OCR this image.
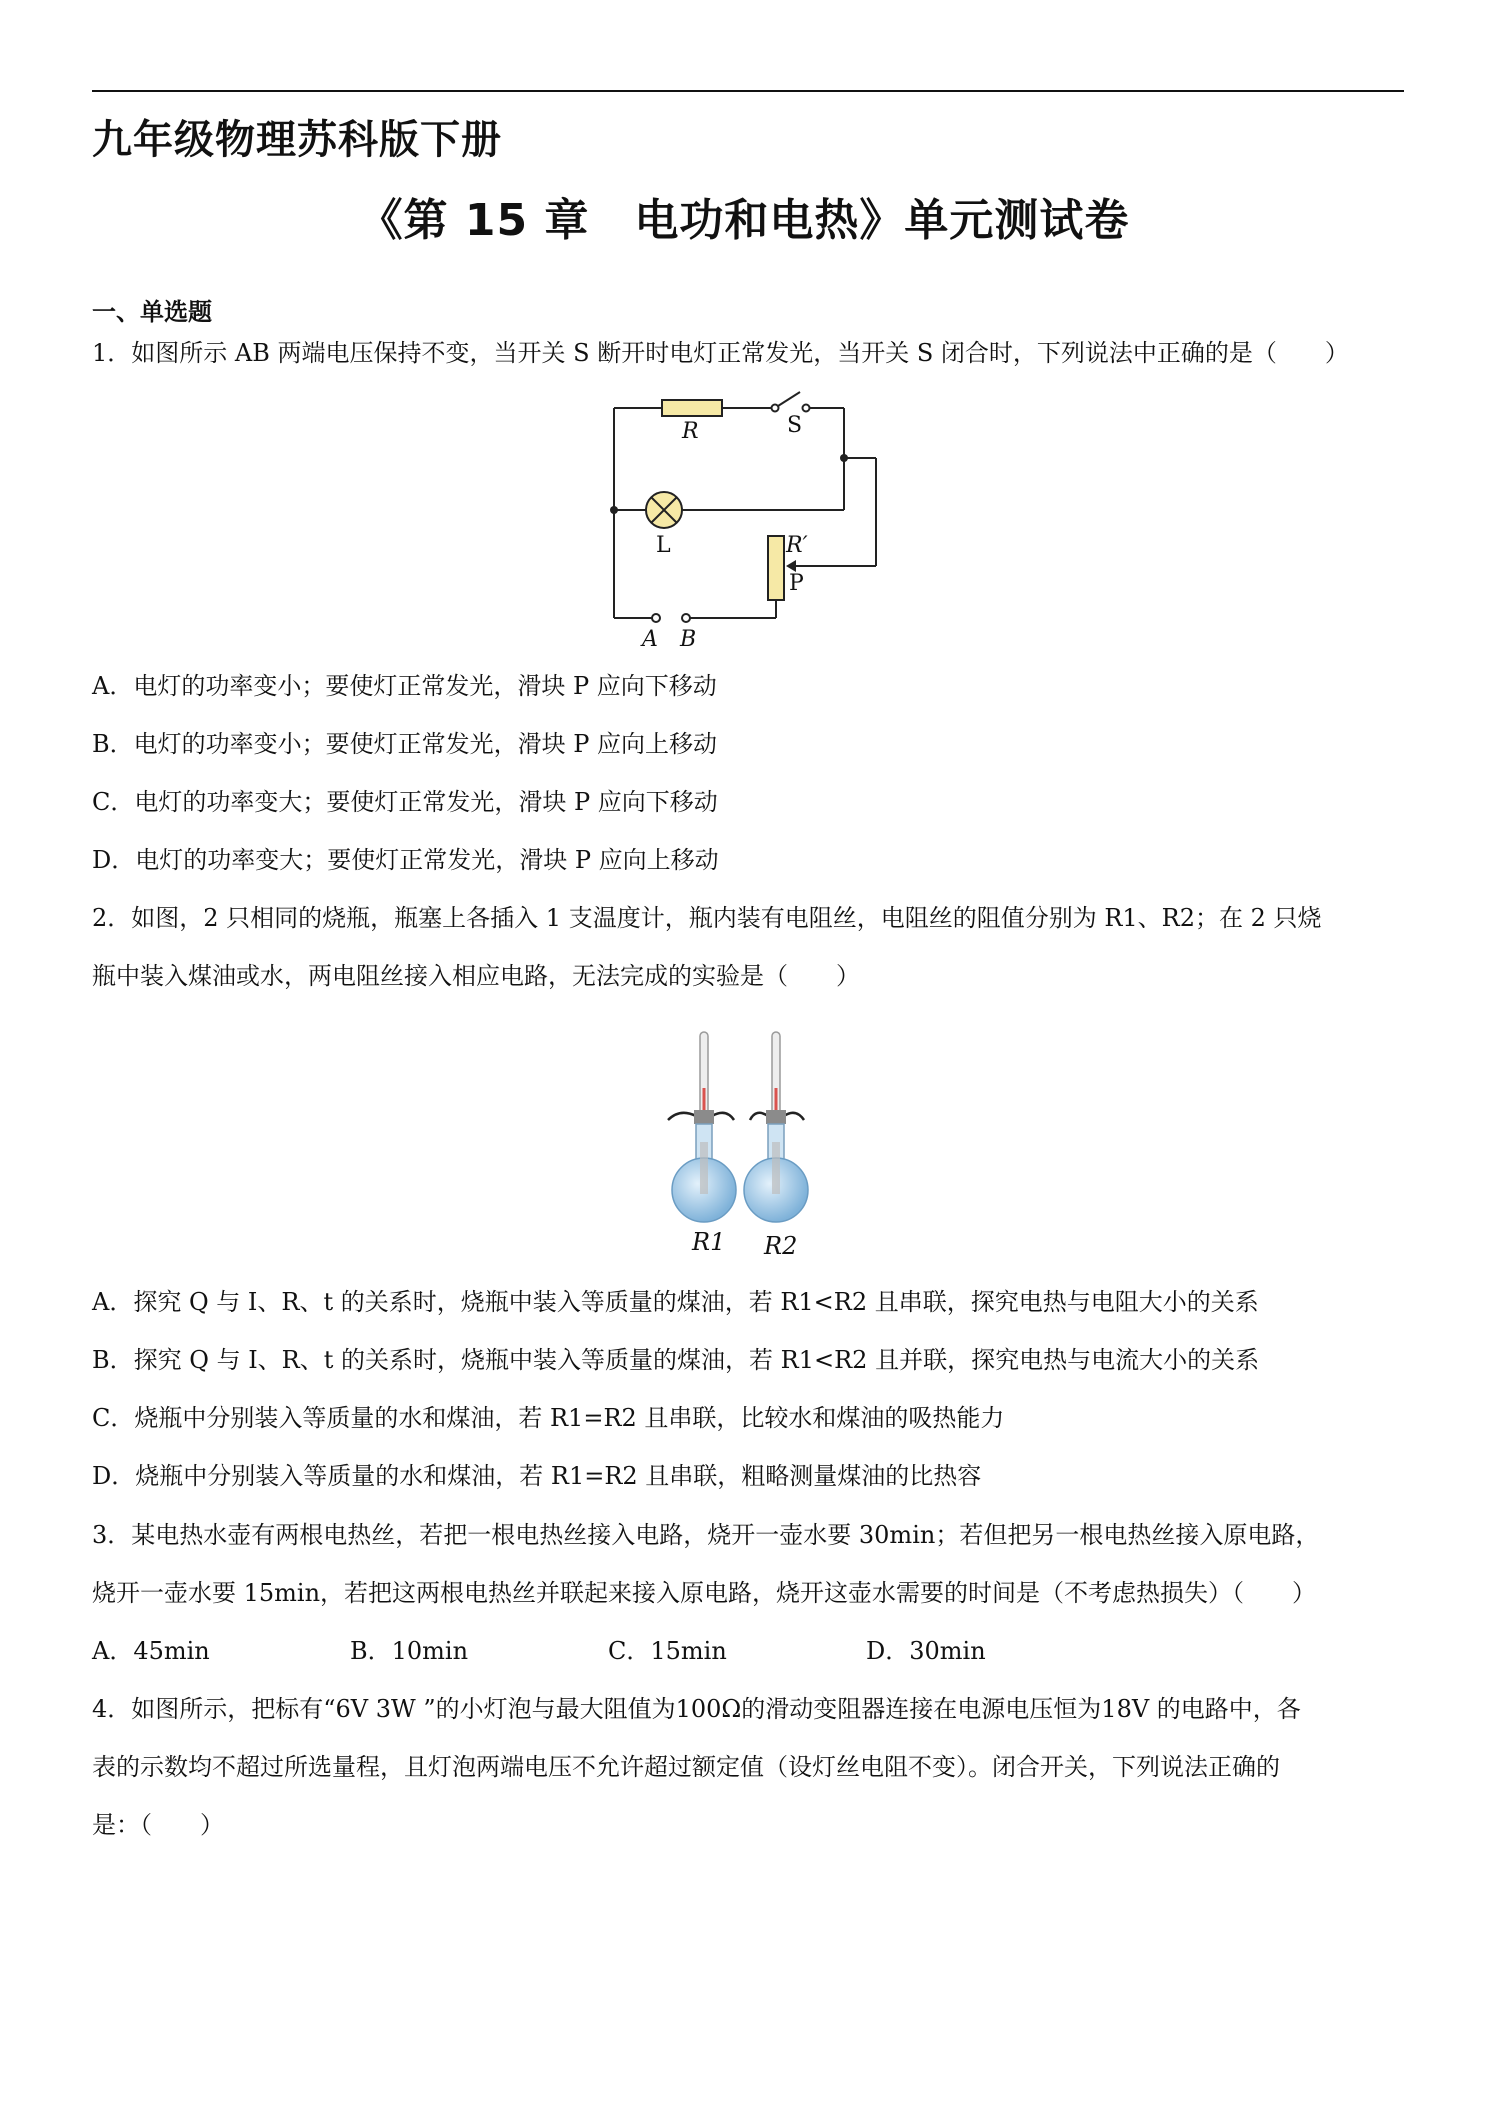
九年级物理苏科版下册
《第 15 章　电功和电热》单元测试卷
一、单选题
1．如图所示 AB 两端电压保持不变，当开关 S 断开时电灯正常发光，当开关 S 闭合时，下列说法中正确的是（　　）
R	S
L	R′
P
A B
A．电灯的功率变小；要使灯正常发光，滑块 P 应向下移动
B．电灯的功率变小；要使灯正常发光，滑块 P 应向上移动
C．电灯的功率变大；要使灯正常发光，滑块 P 应向下移动
D．电灯的功率变大；要使灯正常发光，滑块 P 应向上移动
2．如图，2 只相同的烧瓶，瓶塞上各插入 1 支温度计，瓶内装有电阻丝，电阻丝的阻值分别为 R1、R2；在 2 只烧
瓶中装入煤油或水，两电阻丝接入相应电路，无法完成的实验是（　　）
R1 R2
A．探究 Q 与 I、R、t 的关系时，烧瓶中装入等质量的煤油，若 R1<R2 且串联，探究电热与电阻大小的关系
B．探究 Q 与 I、R、t 的关系时，烧瓶中装入等质量的煤油，若 R1<R2 且并联，探究电热与电流大小的关系
C．烧瓶中分别装入等质量的水和煤油，若 R1=R2 且串联，比较水和煤油的吸热能力
D．烧瓶中分别装入等质量的水和煤油，若 R1=R2 且串联，粗略测量煤油的比热容
3．某电热水壶有两根电热丝，若把一根电热丝接入电路，烧开一壶水要 30min；若但把另一根电热丝接入原电路，
烧开一壶水要 15min，若把这两根电热丝并联起来接入原电路，烧开这壶水需要的时间是（不考虑热损失）（　　）
A．45min	B．10min	C．15min	D．30min
4．如图所示，把标有“6V 3W ”的小灯泡与最大阻值为100Ω的滑动变阻器连接在电源电压恒为18V 的电路中，各
表的示数均不超过所选量程，且灯泡两端电压不允许超过额定值（设灯丝电阻不变）。闭合开关，下列说法正确的
是：（　　）
